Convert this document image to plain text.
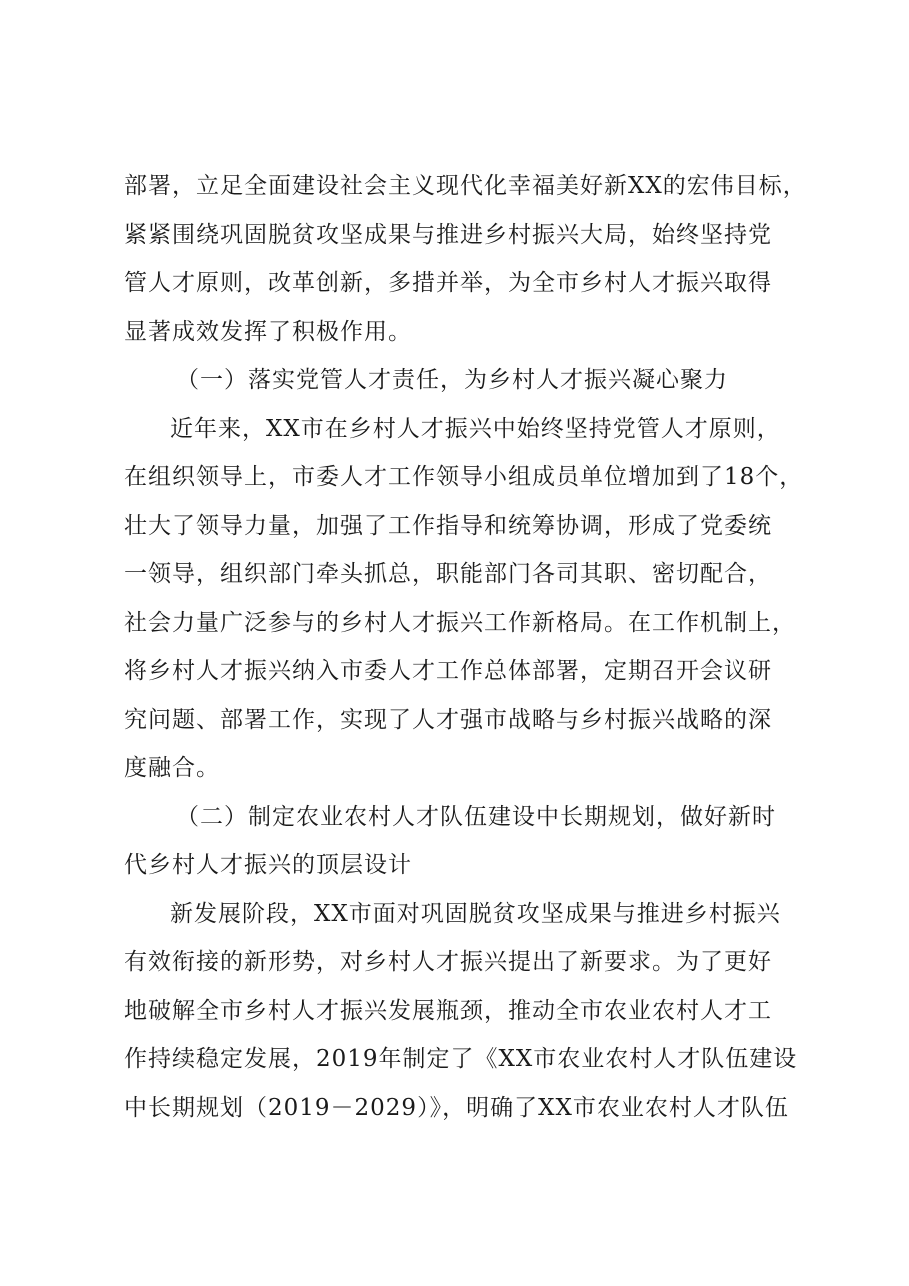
部署，立足全面建设社会主义现代化幸福美好新XX的宏伟目标，
紧紧围绕巩固脱贫攻坚成果与推进乡村振兴大局，始终坚持党
管人才原则，改革创新，多措并举，为全市乡村人才振兴取得
显著成效发挥了积极作用。
（一）落实党管人才责任，为乡村人才振兴凝心聚力
近年来，XX市在乡村人才振兴中始终坚持党管人才原则，
在组织领导上，市委人才工作领导小组成员单位增加到了18个，
壮大了领导力量，加强了工作指导和统筹协调，形成了党委统
一领导，组织部门牵头抓总，职能部门各司其职、密切配合，
社会力量广泛参与的乡村人才振兴工作新格局。在工作机制上，
将乡村人才振兴纳入市委人才工作总体部署，定期召开会议研
究问题、部署工作，实现了人才强市战略与乡村振兴战略的深
度融合。
（二）制定农业农村人才队伍建设中长期规划，做好新时
代乡村人才振兴的顶层设计
新发展阶段，XX市面对巩固脱贫攻坚成果与推进乡村振兴
有效衔接的新形势，对乡村人才振兴提出了新要求。为了更好
地破解全市乡村人才振兴发展瓶颈，推动全市农业农村人才工
作持续稳定发展，2019年制定了《XX市农业农村人才队伍建设
中长期规划（2019－2029）》，明确了XX市农业农村人才队伍
